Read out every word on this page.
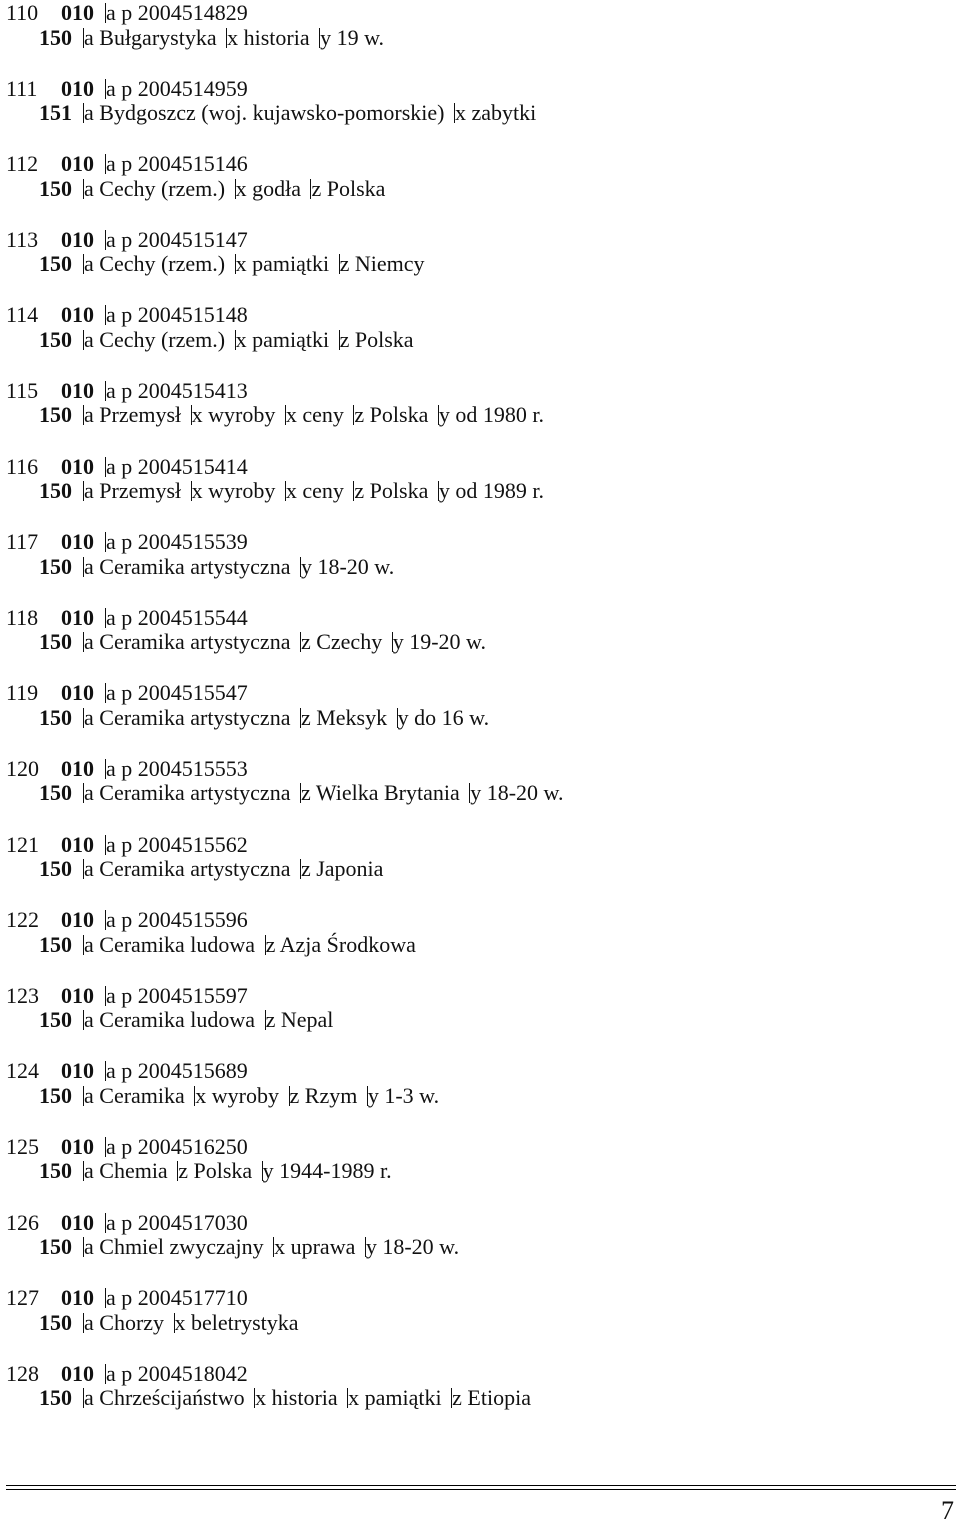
110 010 a p 2004514829
150 a Bułgarystyka x historia y 19 w.
111 010 a p 2004514959
151 a Bydgoszcz (woj. kujawsko-pomorskie) x zabytki
112 010 a p 2004515146
150 a Cechy (rzem.) x godła z Polska
113 010 a p 2004515147
150 a Cechy (rzem.) x pamiątki z Niemcy
114 010 a p 2004515148
150 a Cechy (rzem.) x pamiątki z Polska
115 010 a p 2004515413
150 a Przemysł x wyroby x ceny z Polska y od 1980 r.
116 010 a p 2004515414
150 a Przemysł x wyroby x ceny z Polska y od 1989 r.
117 010 a p 2004515539
150 a Ceramika artystyczna y 18-20 w.
118 010 a p 2004515544
150 a Ceramika artystyczna z Czechy y 19-20 w.
119 010 a p 2004515547
150 a Ceramika artystyczna z Meksyk y do 16 w.
120 010 a p 2004515553
150 a Ceramika artystyczna z Wielka Brytania y 18-20 w.
121 010 a p 2004515562
150 a Ceramika artystyczna z Japonia
122 010 a p 2004515596
150 a Ceramika ludowa z Azja Środkowa
123 010 a p 2004515597
150 a Ceramika ludowa z Nepal
124 010 a p 2004515689
150 a Ceramika x wyroby z Rzym y 1-3 w.
125 010 a p 2004516250
150 a Chemia z Polska y 1944-1989 r.
126 010 a p 2004517030
150 a Chmiel zwyczajny x uprawa y 18-20 w.
127 010 a p 2004517710
150 a Chorzy x beletrystyka
128 010 a p 2004518042
150 a Chrześcijaństwo x historia x pamiątki z Etiopia
7
